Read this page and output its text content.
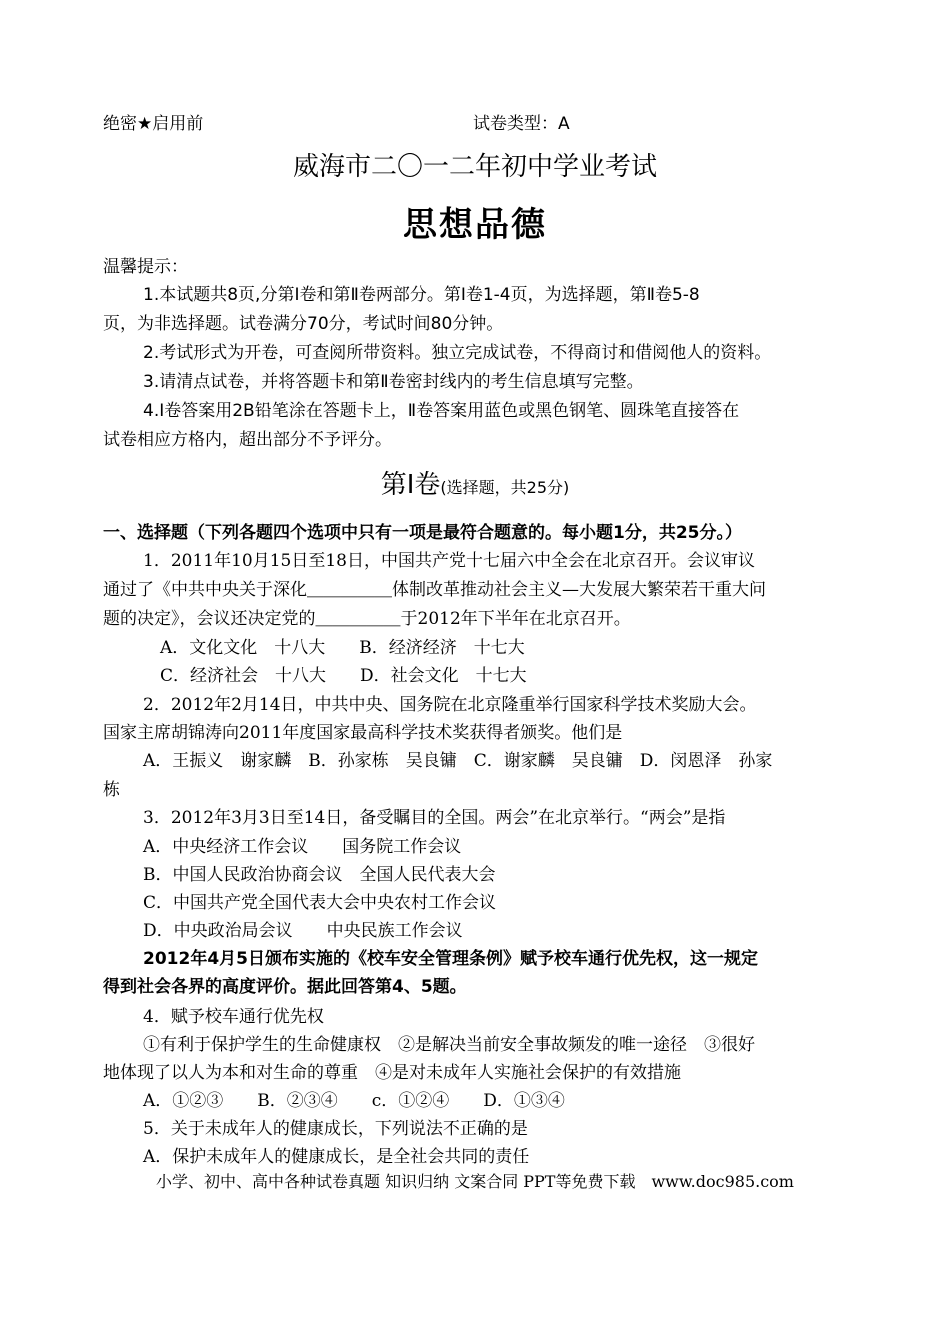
绝密★启用前	试卷类型：A
威海市二〇一二年初中学业考试
思想品德
温馨提示：
1.本试题共8页,分第Ⅰ卷和第Ⅱ卷两部分。第Ⅰ卷1-4页，为选择题，第Ⅱ卷5-8
页，为非选择题。试卷满分70分，考试时间80分钟。
2.考试形式为开卷，可查阅所带资料。独立完成试卷，不得商讨和借阅他人的资料。
3.请清点试卷，并将答题卡和第Ⅱ卷密封线内的考生信息填写完整。
4.Ⅰ卷答案用2B铅笔涂在答题卡上，Ⅱ卷答案用蓝色或黑色钢笔、圆珠笔直接答在
试卷相应方格内，超出部分不予评分。
第Ⅰ卷(选择题，共25分)
一、选择题（下列各题四个选项中只有一项是最符合题意的。每小题1分，共25分。）
1．2011年10月15日至18日，中国共产党十七届六中全会在北京召开。会议审议
通过了《中共中央关于深化＿＿＿＿＿体制改革推动社会主义—大发展大繁荣若干重大问
题的决定》，会议还决定党的＿＿＿＿＿于2012年下半年在北京召开。
A．文化文化　十八大　　B．经济经济　十七大
C．经济社会　十八大　　D．社会文化　十七大
2．2012年2月14日，中共中央、国务院在北京隆重举行国家科学技术奖励大会。
国家主席胡锦涛向2011年度国家最高科学技术奖获得者颁奖。他们是
A．王振义　谢家麟　B．孙家栋　吴良镛　C．谢家麟　吴良镛　D．闵恩泽　孙家
栋
3．2012年3月3日至14日，备受瞩目的全国。两会”在北京举行。“两会”是指
A．中央经济工作会议　　国务院工作会议
B．中国人民政治协商会议　全国人民代表大会
C．中国共产党全国代表大会中央农村工作会议
D．中央政治局会议　　中央民族工作会议
2012年4月5日颁布实施的《校车安全管理条例》赋予校车通行优先权，这一规定
得到社会各界的高度评价。据此回答第4、5题。
4．赋予校车通行优先权
①有利于保护学生的生命健康权　②是解决当前安全事故频发的唯一途径　③很好
地体现了以人为本和对生命的尊重　④是对未成年人实施社会保护的有效措施
A．①②③　　B．②③④　　c．①②④　　D．①③④
5．关于未成年人的健康成长，下列说法不正确的是
A．保护未成年人的健康成长，是全社会共同的责任
小学、初中、高中各种试卷真题 知识归纳 文案合同 PPT等免费下载　www.doc985.com
